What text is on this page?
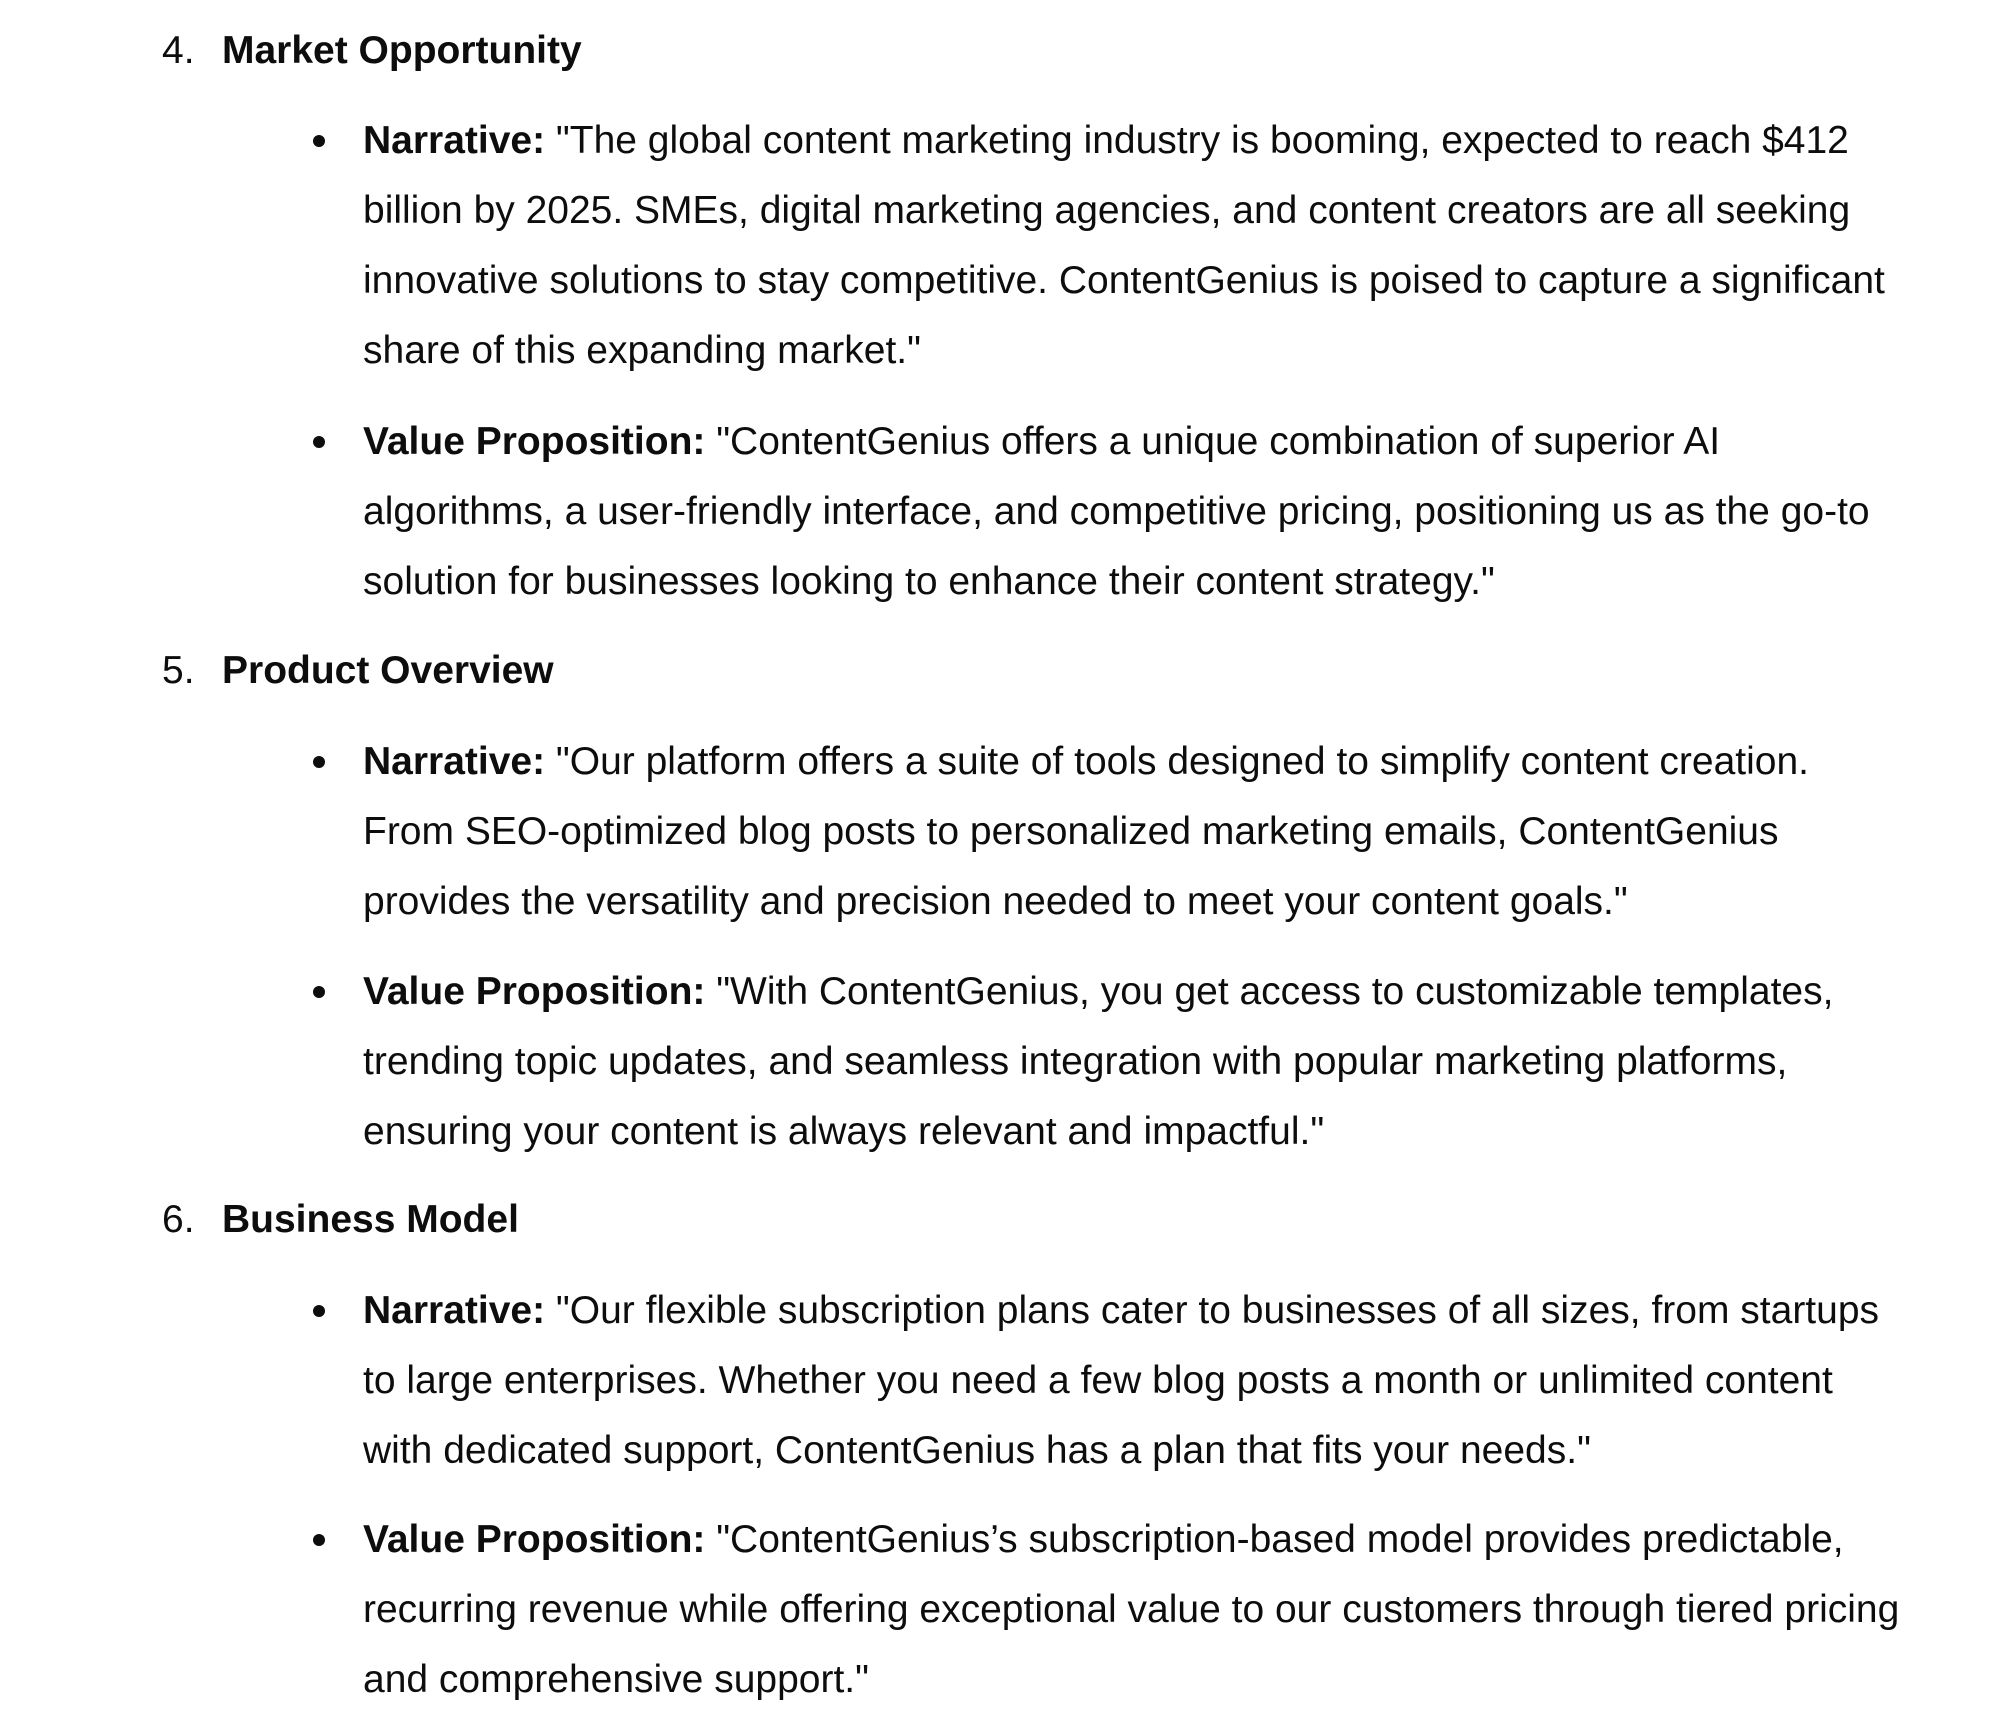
4. Market Opportunity
Narrative: "The global content marketing industry is booming, expected to reach $412
billion by 2025. SMEs, digital marketing agencies, and content creators are all seeking
innovative solutions to stay competitive. ContentGenius is poised to capture a significant
share of this expanding market."
Value Proposition: "ContentGenius offers a unique combination of superior AI
algorithms, a user-friendly interface, and competitive pricing, positioning us as the go-to
solution for businesses looking to enhance their content strategy."
5. Product Overview
Narrative: "Our platform offers a suite of tools designed to simplify content creation.
From SEO-optimized blog posts to personalized marketing emails, ContentGenius
provides the versatility and precision needed to meet your content goals."
Value Proposition: "With ContentGenius, you get access to customizable templates,
trending topic updates, and seamless integration with popular marketing platforms,
ensuring your content is always relevant and impactful."
6. Business Model
Narrative: "Our flexible subscription plans cater to businesses of all sizes, from startups
to large enterprises. Whether you need a few blog posts a month or unlimited content
with dedicated support, ContentGenius has a plan that fits your needs."
Value Proposition: "ContentGenius’s subscription-based model provides predictable,
recurring revenue while offering exceptional value to our customers through tiered pricing
and comprehensive support."
